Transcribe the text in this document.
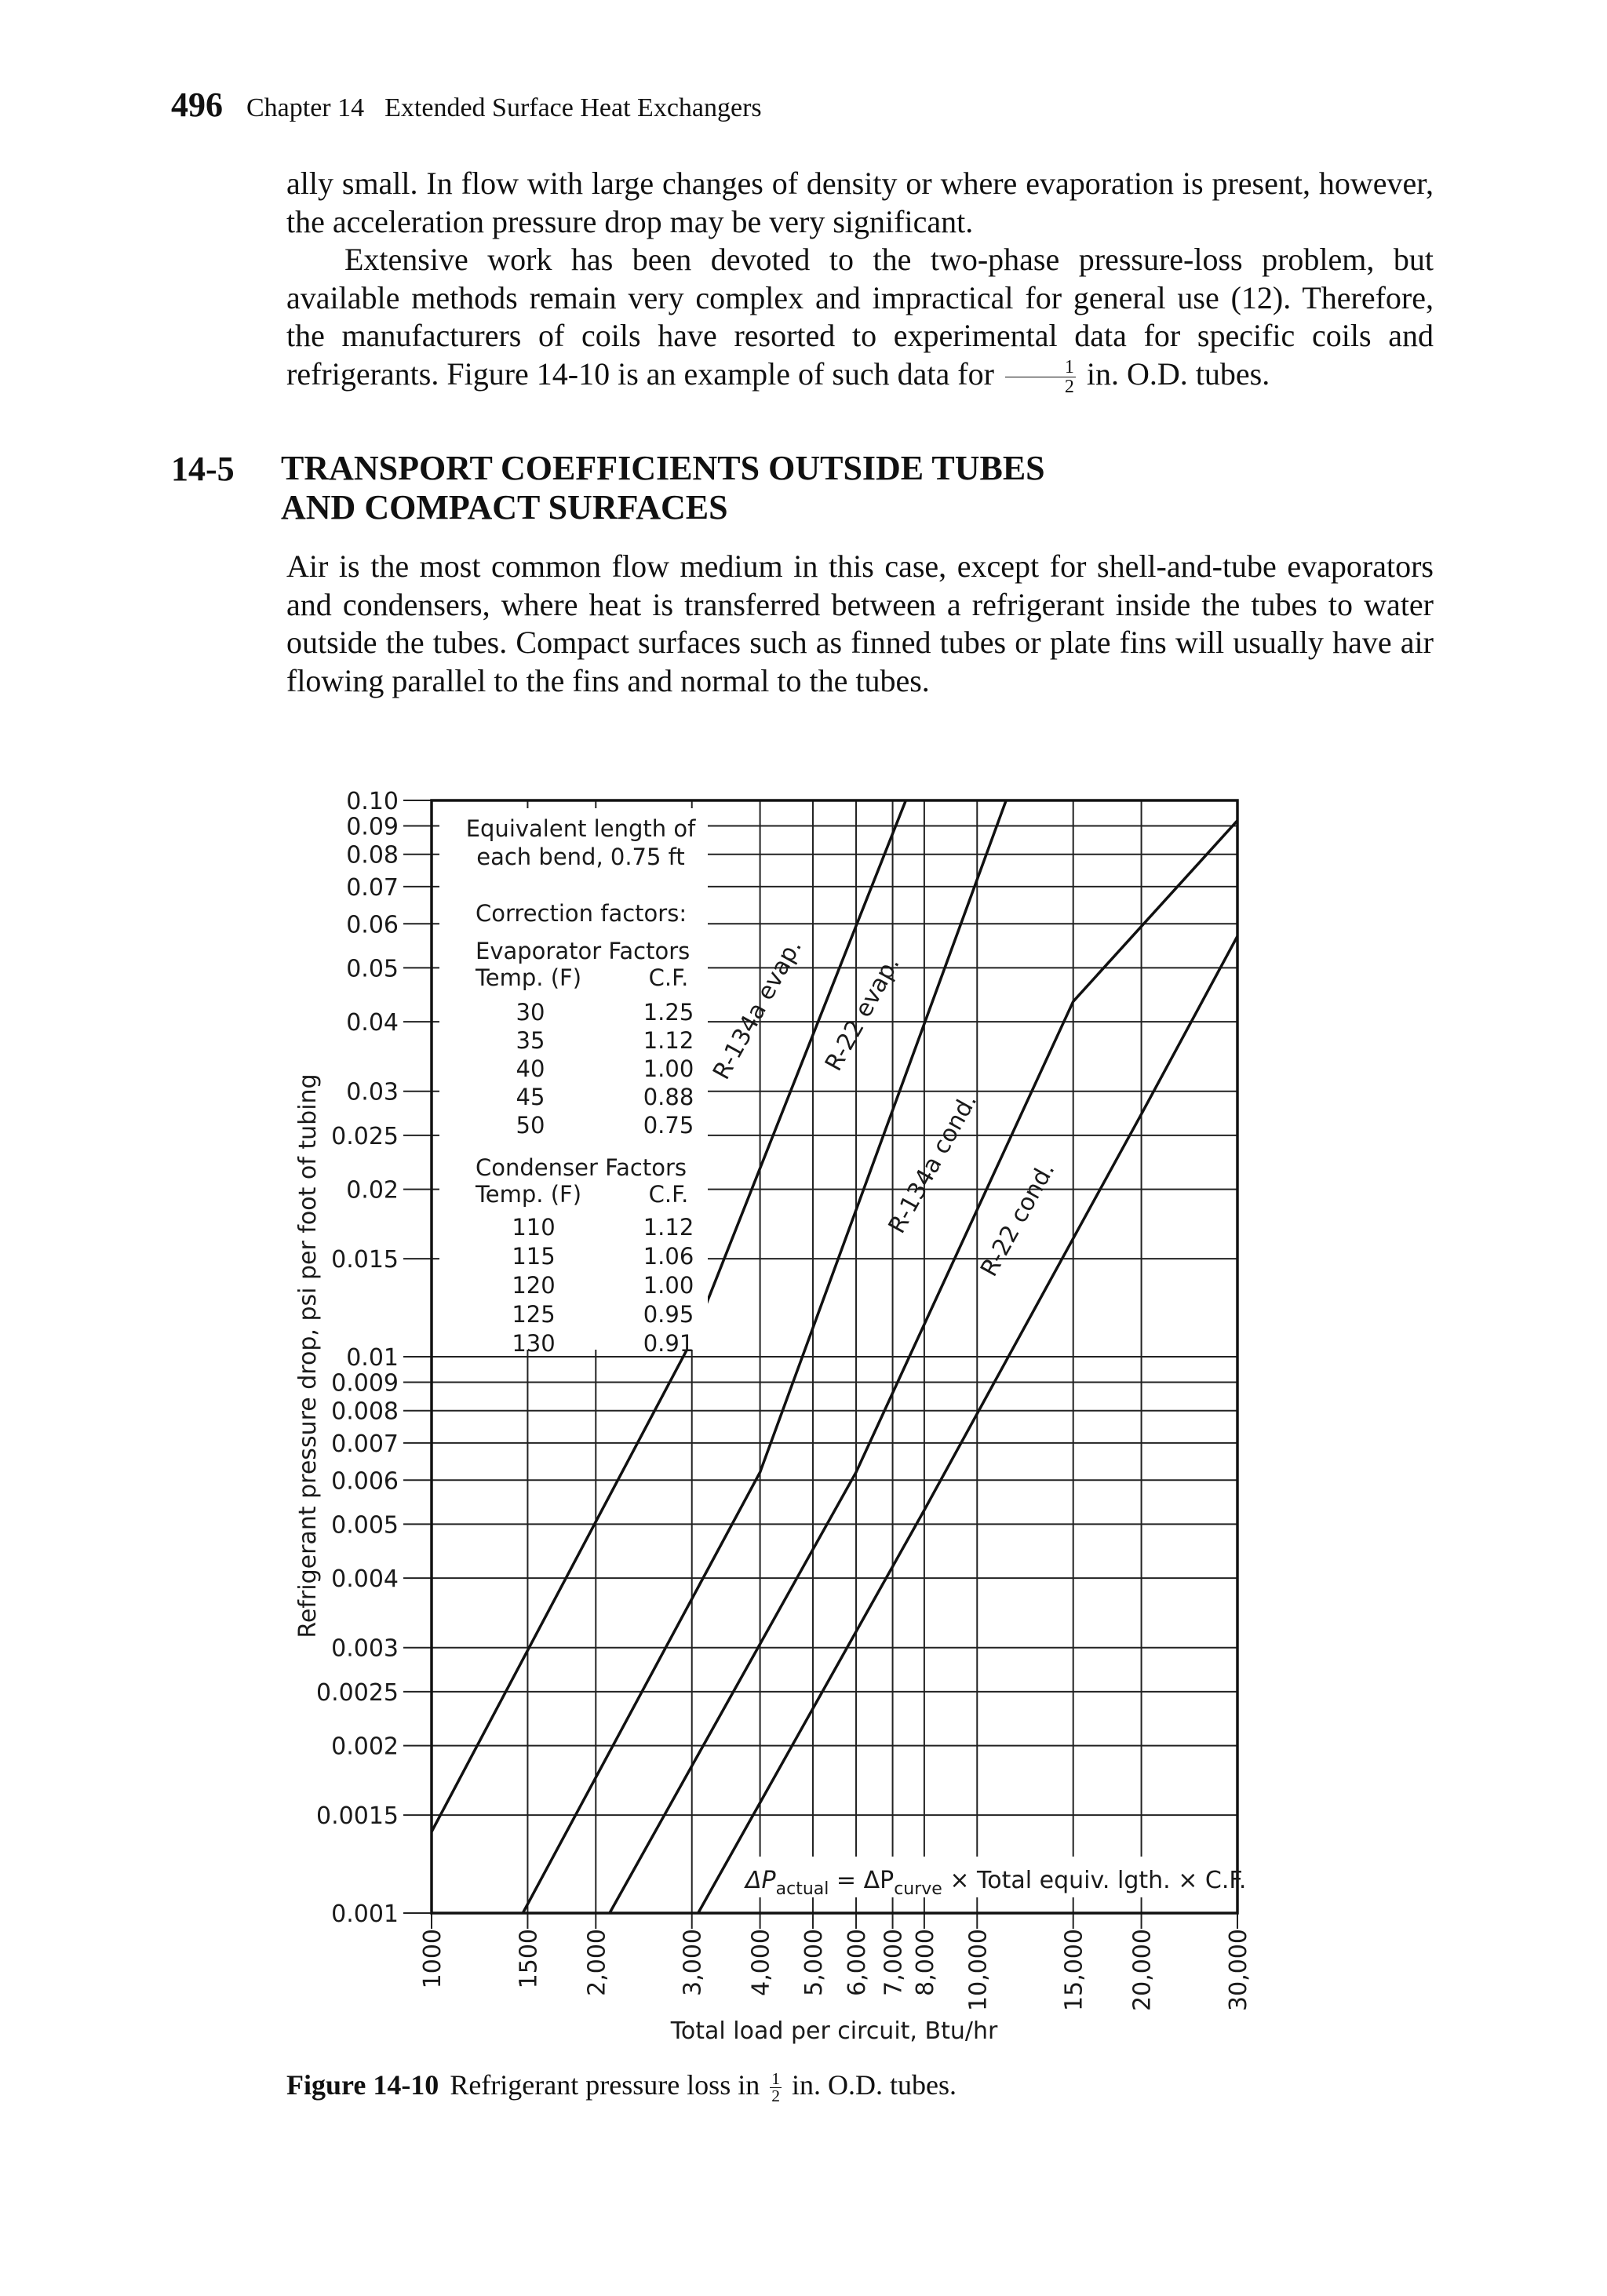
496 Chapter 14 Extended Surface Heat Exchangers
ally small. In flow with large changes of density or where evaporation is present, however, the acceleration pressure drop may be very significant.
Extensive work has been devoted to the two-phase pressure-loss problem, but available methods remain very complex and impractical for general use (12). Therefore, the manufacturers of coils have resorted to experimental data for specific coils and refrigerants. Figure 14-10 is an example of such data for $\frac{1}{2}$ in. O.D. tubes.
14-5 TRANSPORT COEFFICIENTS OUTSIDE TUBES
AND COMPACT SURFACES
Air is the most common flow medium in this case, except for shell-and-tube evaporators and condensers, where heat is transferred between a refrigerant inside the tubes to water outside the tubes. Compact surfaces such as finned tubes or plate fins will usually have air flowing parallel to the fins and normal to the tubes.
0.10
0.09
0.08
0.07
0.06
0.05
0.04
0.03
0.025
0.02
0.015
0.01
0.009
0.008
0.007
0.006
0.005
0.004
0.003
0.0025
0.002
0.0015
0.001
1000	1500 2,000	3,000 4,000 5,000 6,000 7,000 8,000 10,000	15,000 20,000	30,000
Equivalent length of
each bend, 0.75 ft
Correction factors:
Evaporator Factors
Temp. (F)	C.F.
30	1.25
35	1.12
40	1.00
45	0.88
50	0.75
Condenser Factors
Temp. (F)	C.F.
110	1.12
115	1.06
120	1.00
125	0.95
130	0.91
$\Delta P_{actual} = \Delta P_{curve}$ × Total equiv. lgth. × C.F.
R-134a evap. R-22 evap.
R-134a cond.
R-22 cond.
Total load per circuit, Btu/hr
Refrigerant pressure drop, psi per foot of tubing
Figure 14-10 Refrigerant pressure loss in $\frac{1}{2}$ in. O.D. tubes.
